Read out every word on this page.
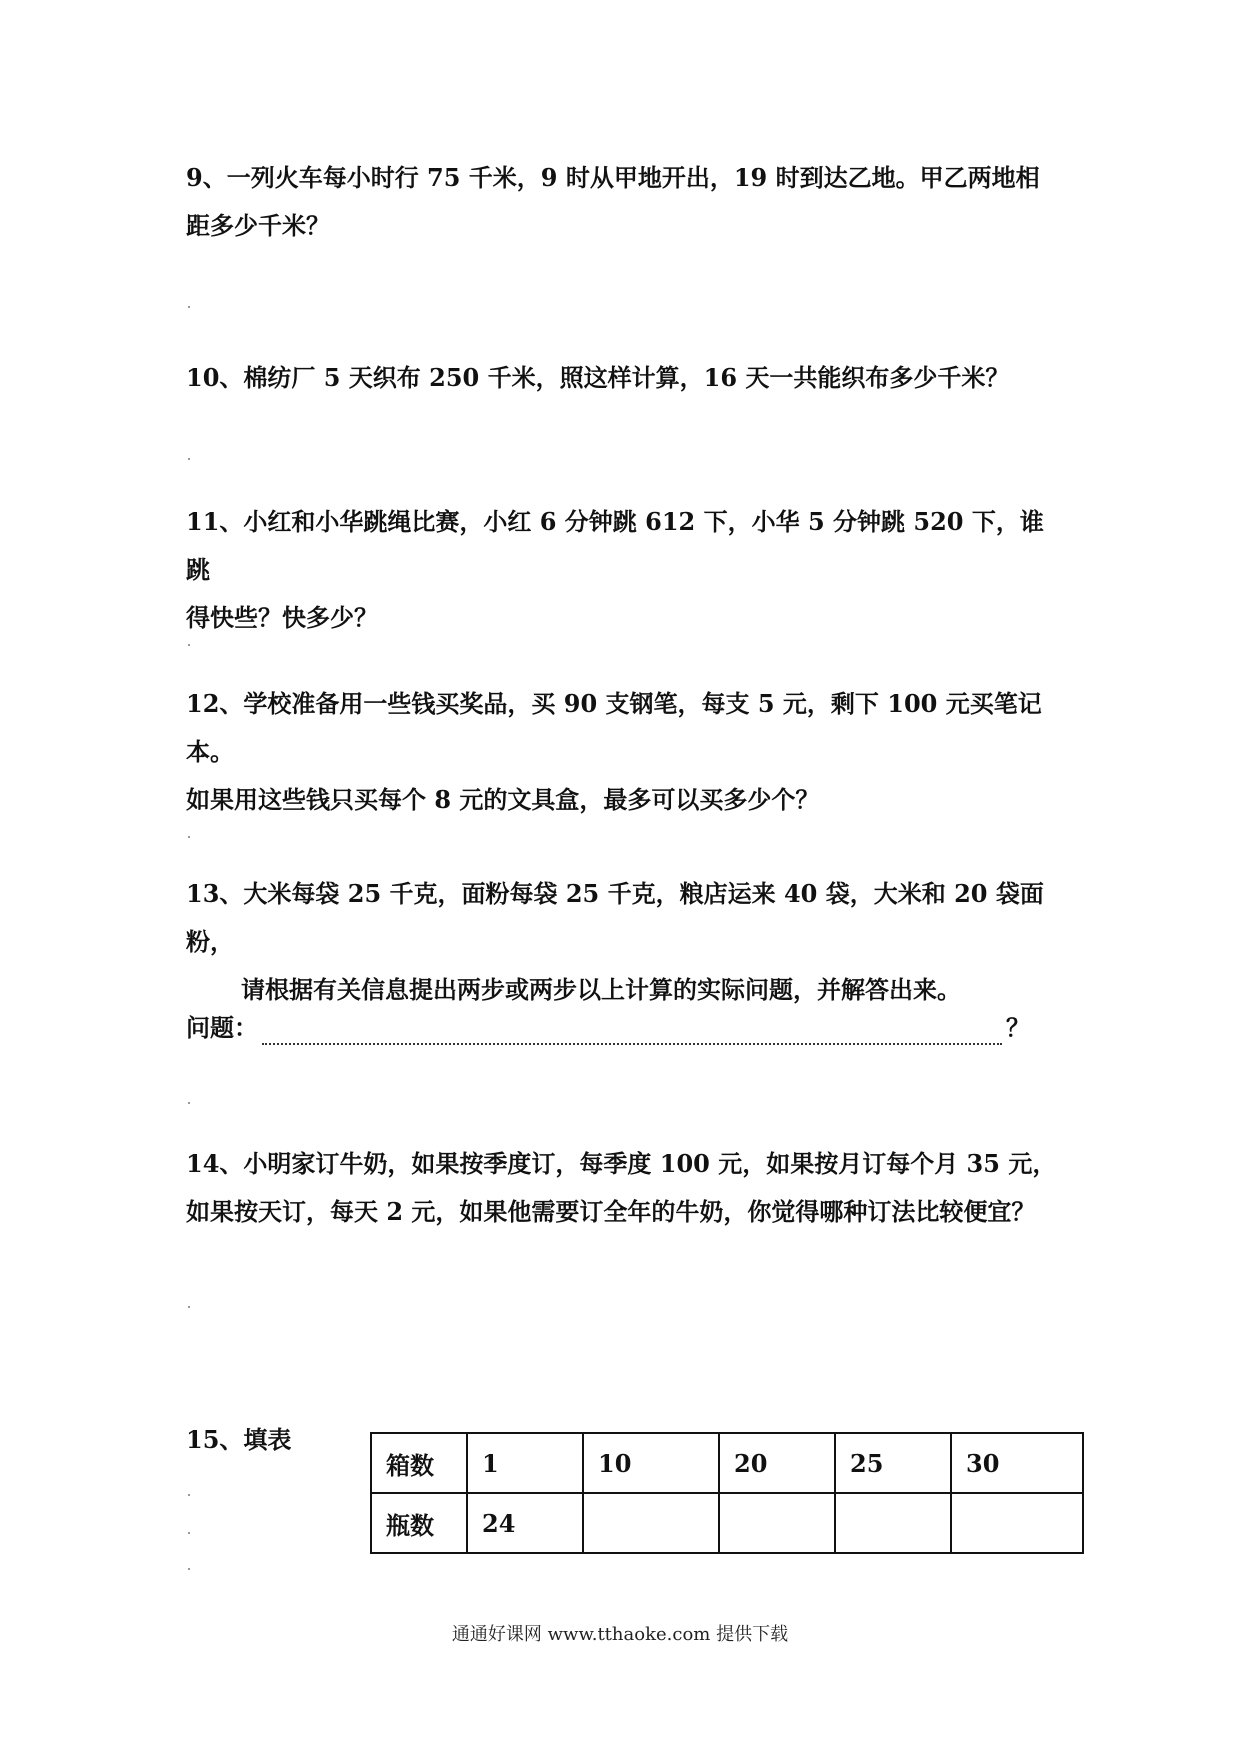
9、一列火车每小时行 75 千米，9 时从甲地开出，19 时到达乙地。甲乙两地相

距多少千米？

10、棉纺厂 5 天织布 250 千米，照这样计算，16 天一共能织布多少千米？

11、小红和小华跳绳比赛，小红 6 分钟跳 612 下，小华 5 分钟跳 520 下，谁跳

得快些？快多少？

12、学校准备用一些钱买奖品，买 90 支钢笔，每支 5 元，剩下 100 元买笔记本。

如果用这些钱只买每个 8 元的文具盒，最多可以买多少个？

13、大米每袋 25 千克，面粉每袋 25 千克，粮店运来 40 袋，大米和 20 袋面粉，

请根据有关信息提出两步或两步以上计算的实际问题，并解答出来。

问题：	？

14、小明家订牛奶，如果按季度订，每季度 100 元，如果按月订每个月 35 元，

如果按天订，每天 2 元，如果他需要订全年的牛奶，你觉得哪种订法比较便宜？

15、填表
箱数	1	10	20	25	30
瓶数	24				
通通好课网 www.tthaoke.com 提供下载
